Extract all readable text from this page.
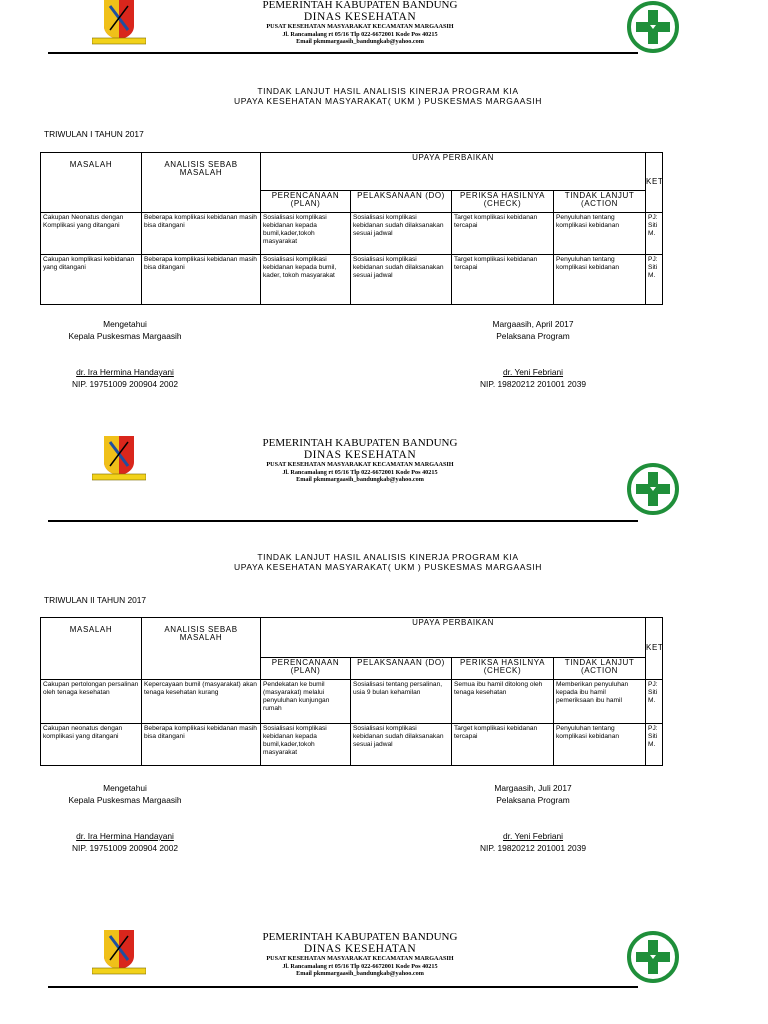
PEMERINTAH KABUPATEN BANDUNG
DINAS KESEHATAN
PUSAT KESEHATAN MASYARAKAT KECAMATAN MARGAASIH
Jl. Rancamalang rt 05/16 Tlp 022-6672001 Kode Pos 40215
Email pkmmargaasih_bandungkab@yahoo.com
TINDAK LANJUT HASIL ANALISIS KINERJA PROGRAM KIA
UPAYA KESEHATAN MASYARAKAT( UKM ) PUSKESMAS MARGAASIH
TRIWULAN I TAHUN 2017
MASALAH	ANALISIS SEBAB MASALAH	UPAYA PERBAIKAN				KET
		PERENCANAAN (PLAN)	PELAKSANAAN (DO)	PERIKSA HASILNYA (CHECK)	TINDAK LANJUT (ACTION	
Cakupan Neonatus dengan Komplikasi yang ditangani	Beberapa komplikasi kebidanan masih bisa ditangani	Sosialisasi komplikasi kebidanan kepada bumil,kader,tokoh masyarakat	Sosialisasi komplikasi kebidanan sudah dilaksanakan sesuai jadwal	Target komplikasi kebidanan tercapai	Penyuluhan tentang komplikasi kebidanan	PJ: Siti M.
Cakupan komplikasi kebidanan yang ditangani	Beberapa komplikasi kebidanan masih bisa ditangani	Sosialisasi komplikasi kebidanan kepada bumil, kader, tokoh masyarakat	Sosialisasi komplikasi kebidanan sudah dilaksanakan sesuai jadwal	Target komplikasi kebidanan tercapai	Penyuluhan tentang komplikasi kebidanan	PJ: Siti M.
Mengetahui
Kepala Puskesmas Margaasih
dr. Ira Hermina Handayani
NIP. 19751009 200904 2002
Margaasih, April 2017
Pelaksana Program
dr. Yeni Febriani
NIP. 19820212 201001 2039
PEMERINTAH KABUPATEN BANDUNG
DINAS KESEHATAN
PUSAT KESEHATAN MASYARAKAT KECAMATAN MARGAASIH
Jl. Rancamalang rt 05/16 Tlp 022-6672001 Kode Pos 40215
Email pkmmargaasih_bandungkab@yahoo.com
TINDAK LANJUT HASIL ANALISIS KINERJA PROGRAM KIA
UPAYA KESEHATAN MASYARAKAT( UKM ) PUSKESMAS MARGAASIH
TRIWULAN II TAHUN 2017
MASALAH	ANALISIS SEBAB MASALAH	UPAYA PERBAIKAN				KET
		PERENCANAAN (PLAN)	PELAKSANAAN (DO)	PERIKSA HASILNYA (CHECK)	TINDAK LANJUT (ACTION	
Cakupan pertolongan persalinan oleh tenaga kesehatan	Kepercayaan bumil (masyarakat) akan tenaga kesehatan kurang	Pendekatan ke bumil (masyarakat) melalui penyuluhan kunjungan rumah	Sosialisasi tentang persalinan, usia 9 bulan kehamilan	Semua ibu hamil ditolong oleh tenaga kesehatan	Memberikan penyuluhan kepada ibu hamil pemeriksaan ibu hamil	PJ: Siti M.
Cakupan neonatus dengan komplikasi yang ditangani	Beberapa komplikasi kebidanan masih bisa ditangani	Sosialisasi komplikasi kebidanan kepada bumil,kader,tokoh masyarakat	Sosialisasi komplikasi kebidanan sudah dilaksanakan sesuai jadwal	Target komplikasi kebidanan tercapai	Penyuluhan tentang komplikasi kebidanan	PJ: Siti M.
Mengetahui
Kepala Puskesmas Margaasih
dr. Ira Hermina Handayani
NIP. 19751009 200904 2002
Margaasih, Juli 2017
Pelaksana Program
dr. Yeni Febriani
NIP. 19820212 201001 2039
PEMERINTAH KABUPATEN BANDUNG
DINAS KESEHATAN
PUSAT KESEHATAN MASYARAKAT KECAMATAN MARGAASIH
Jl. Rancamalang rt 05/16 Tlp 022-6672001 Kode Pos 40215
Email pkmmargaasih_bandungkab@yahoo.com
